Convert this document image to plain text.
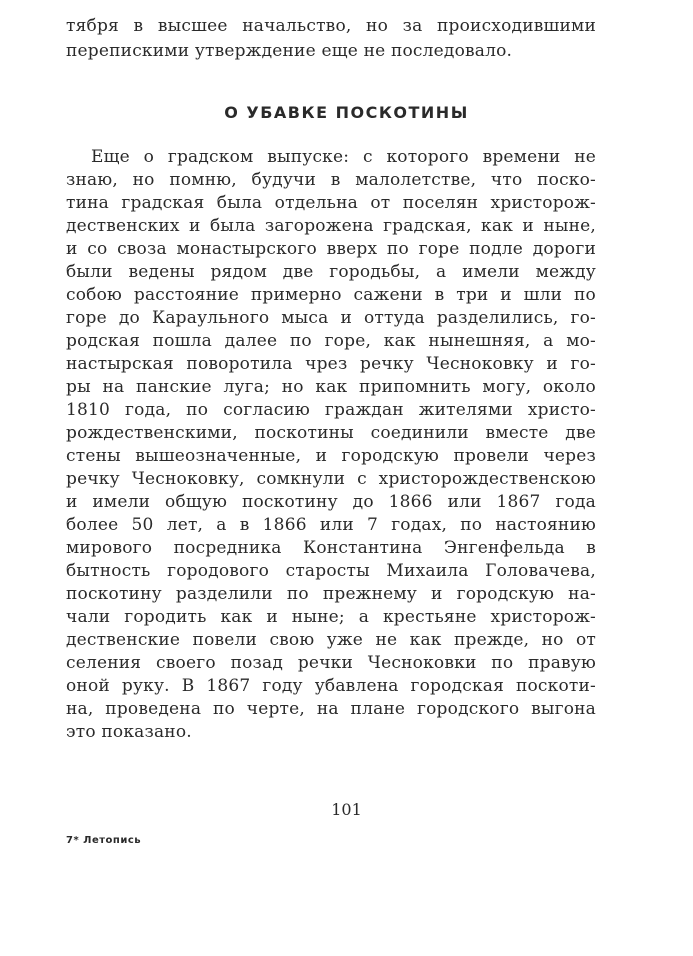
тября в высшее начальство, но за происходившими
перепискими утверждение еще не последовало.
О УБАВКЕ ПОСКОТИНЫ
Еще о градском выпуске: с которого времени не
знаю, но помню, будучи в малолетстве, что поско-
тина градская была отдельна от поселян христорож-
дественских и была загорожена градская, как и ныне,
и со своза монастырского вверх по горе подле дороги
были ведены рядом две городьбы, а имели между
собою расстояние примерно сажени в три и шли по
горе до Караульного мыса и оттуда разделились, го-
родская пошла далее по горе, как нынешняя, а мо-
настырская поворотила чрез речку Чесноковку и го-
ры на панские луга; но как припомнить могу, около
1810 года, по согласию граждан жителями христо-
рождественскими, поскотины соединили вместе две
стены вышеозначенные, и городскую провели через
речку Чесноковку, сомкнули с христорождественскою
и имели общую поскотину до 1866 или 1867 года
более 50 лет, а в 1866 или 7 годах, по настоянию
мирового посредника Константина Энгенфельда в
бытность городового старосты Михаила Головачева,
поскотину разделили по прежнему и городскую на-
чали городить как и ныне; а крестьяне христорож-
дественские повели свою уже не как прежде, но от
селения своего позад речки Чесноковки по правую
оной руку. В 1867 году убавлена городская поскоти-
на, проведена по черте, на плане городского выгона
это показано.
101
7* Летопись
